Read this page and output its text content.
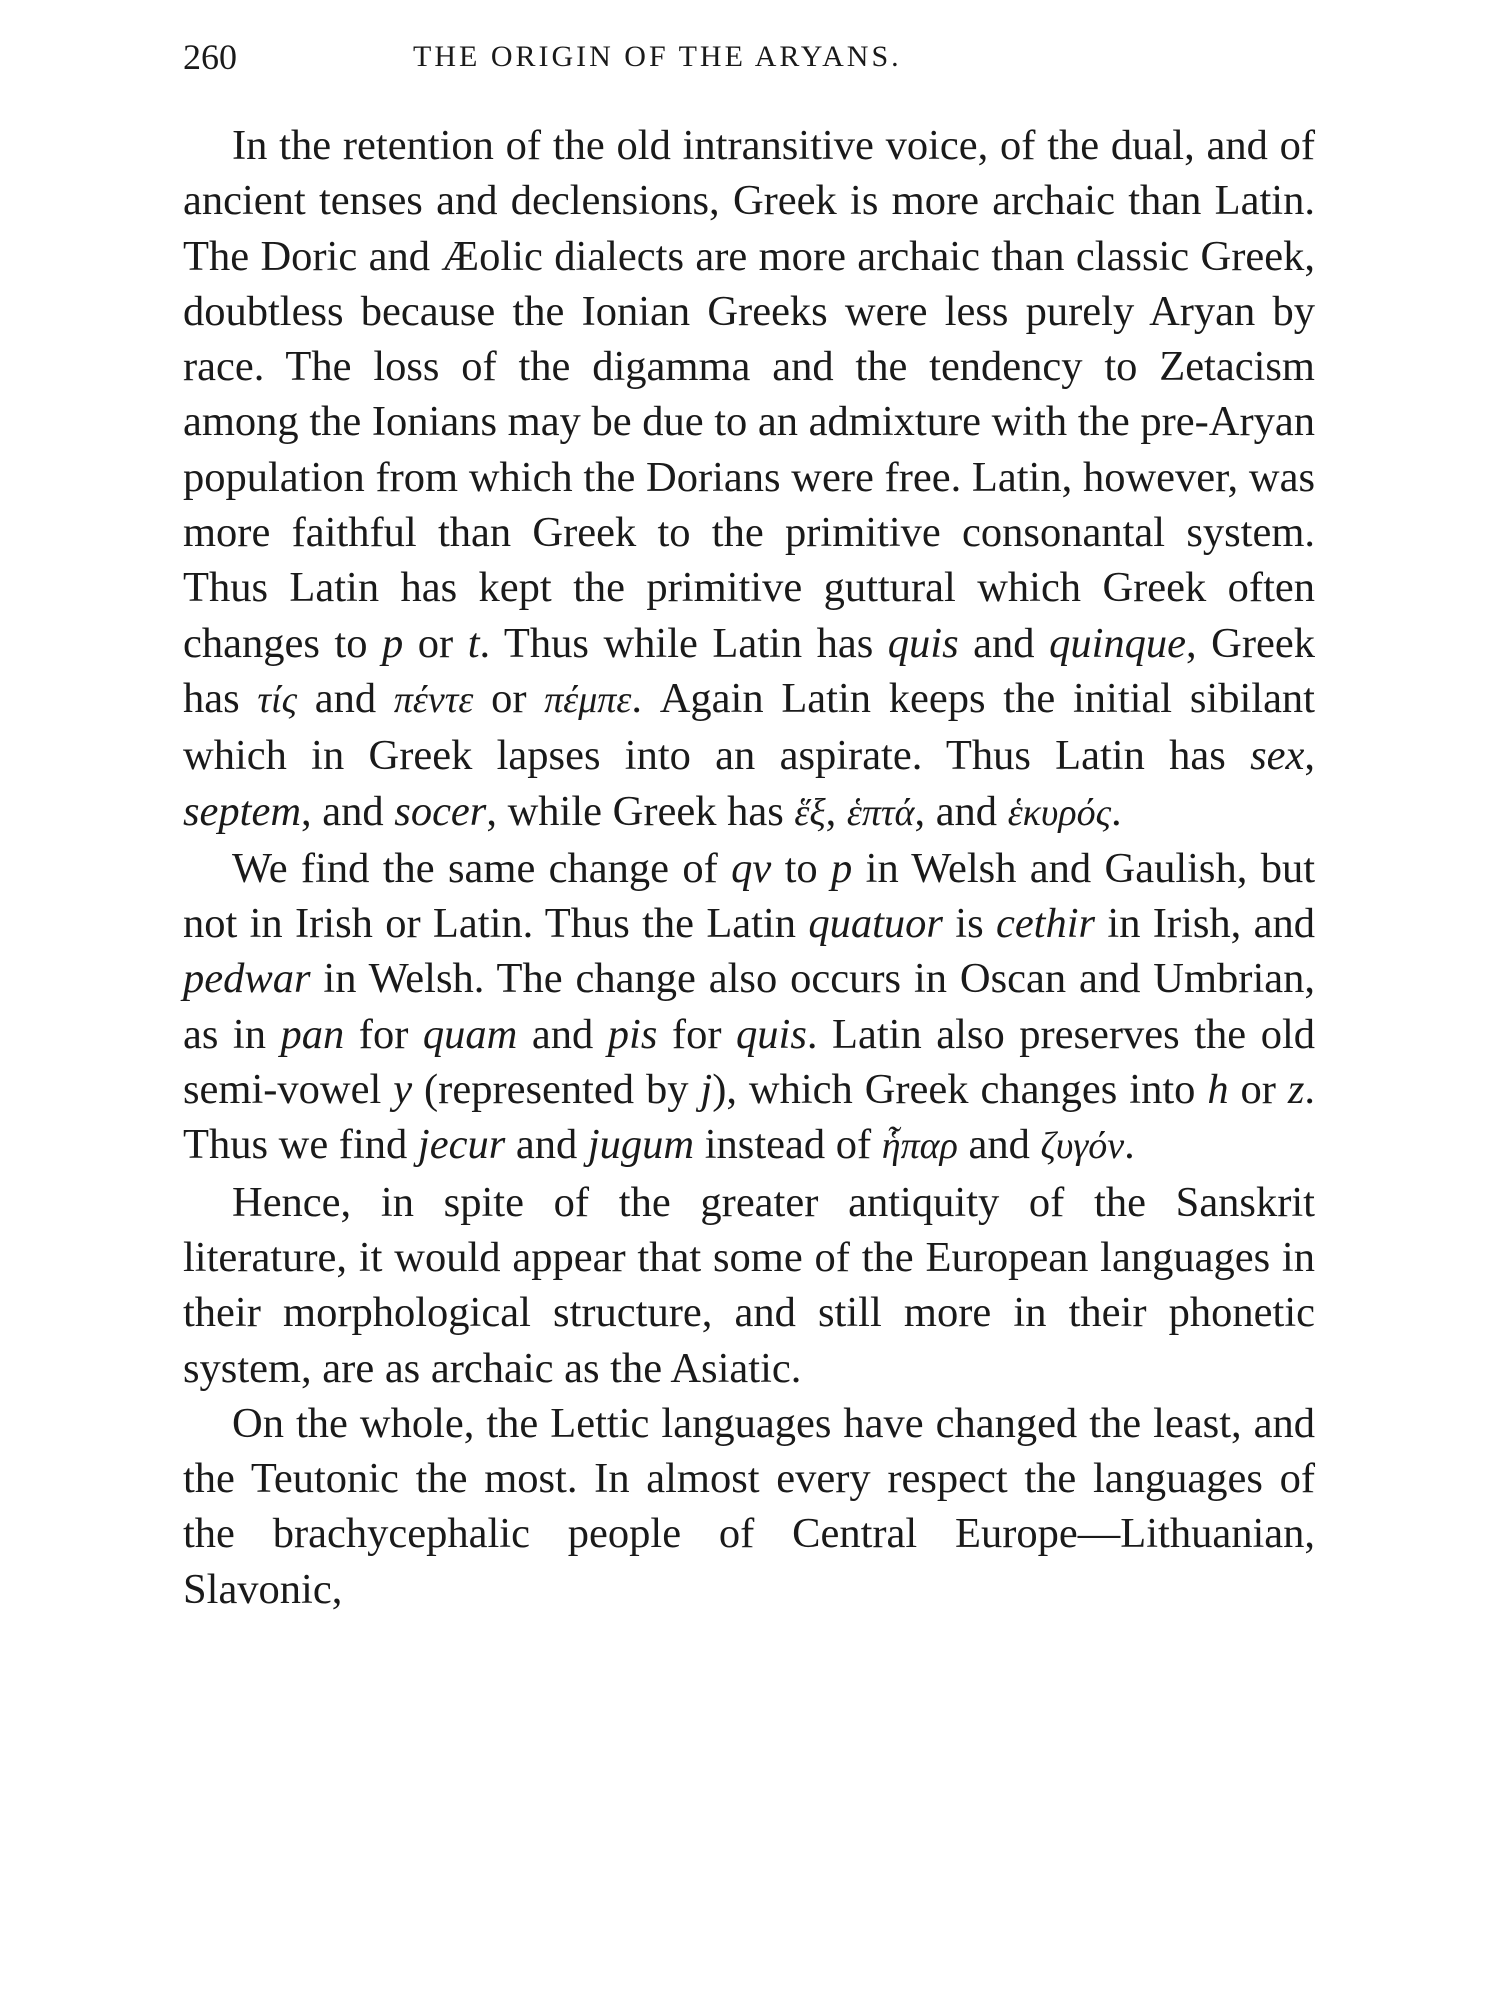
260	THE ORIGIN OF THE ARYANS.

In the retention of the old intransitive voice, of the dual, and of ancient tenses and declensions, Greek is more archaic than Latin. The Doric and Æolic dialects are more archaic than classic Greek, doubtless because the Ionian Greeks were less purely Aryan by race. The loss of the digamma and the tendency to Zetacism among the Ionians may be due to an admixture with the pre-Aryan population from which the Dorians were free. Latin, however, was more faithful than Greek to the primitive consonantal system. Thus Latin has kept the primitive guttural which Greek often changes to p or t. Thus while Latin has quis and quinque, Greek has τίς and πέντε or πέμπε. Again Latin keeps the initial sibilant which in Greek lapses into an aspirate. Thus Latin has sex, septem, and socer, while Greek has ἕξ, ἑπτά, and ἑκυρός.

We find the same change of qv to p in Welsh and Gaulish, but not in Irish or Latin. Thus the Latin quatuor is cethir in Irish, and pedwar in Welsh. The change also occurs in Oscan and Umbrian, as in pan for quam and pis for quis. Latin also preserves the old semi-vowel y (represented by j), which Greek changes into h or z. Thus we find jecur and jugum instead of ἧπαρ and ζυγόν.

Hence, in spite of the greater antiquity of the Sanskrit literature, it would appear that some of the European languages in their morphological structure, and still more in their phonetic system, are as archaic as the Asiatic.

On the whole, the Lettic languages have changed the least, and the Teutonic the most. In almost every respect the languages of the brachycephalic people of Central Europe—Lithuanian, Slavonic,
